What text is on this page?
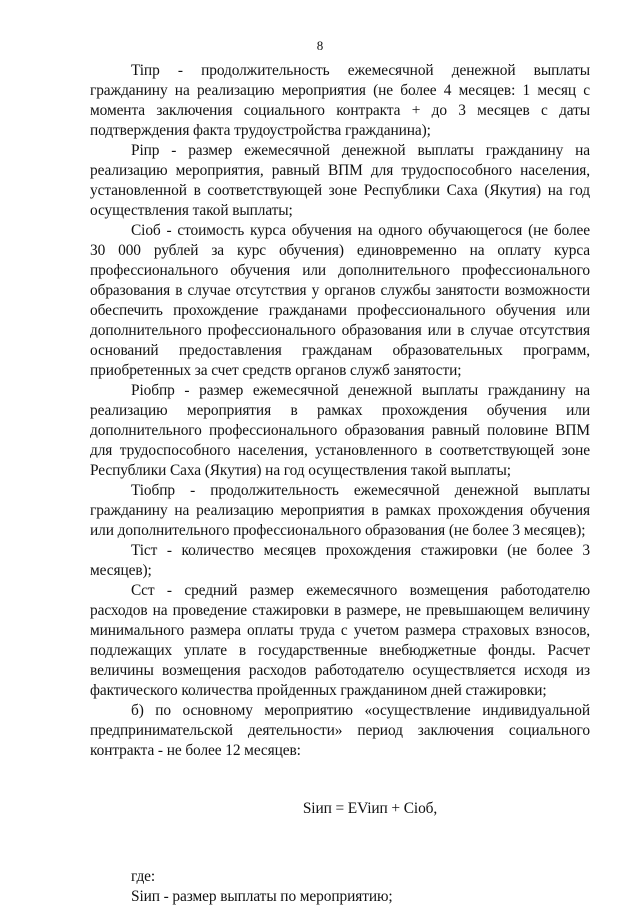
8

Tiпр - продолжительность ежемесячной денежной выплаты гражданину на реализацию мероприятия (не более 4 месяцев: 1 месяц с момента заключения социального контракта + до 3 месяцев с даты подтверждения факта трудоустройства гражданина);

Piпр - размер ежемесячной денежной выплаты гражданину на реализацию мероприятия, равный ВПМ для трудоспособного населения, установленной в соответствующей зоне Республики Саха (Якутия) на год осуществления такой выплаты;

Ciоб - стоимость курса обучения на одного обучающегося (не более 30 000 рублей за курс обучения) единовременно на оплату курса профессионального обучения или дополнительного профессионального образования в случае отсутствия у органов службы занятости возможности обеспечить прохождение гражданами профессионального обучения или дополнительного профессионального образования или в случае отсутствия оснований предоставления гражданам образовательных программ, приобретенных за счет средств органов служб занятости;

Piобпр - размер ежемесячной денежной выплаты гражданину на реализацию мероприятия в рамках прохождения обучения или дополнительного профессионального образования равный половине ВПМ для трудоспособного населения, установленного в соответствующей зоне Республики Саха (Якутия) на год осуществления такой выплаты;

Tiобпр - продолжительность ежемесячной денежной выплаты гражданину на реализацию мероприятия в рамках прохождения обучения или дополнительного профессионального образования (не более 3 месяцев);

Tiст - количество месяцев прохождения стажировки (не более 3 месяцев);

Cст - средний размер ежемесячного возмещения работодателю расходов на проведение стажировки в размере, не превышающем величину минимального размера оплаты труда с учетом размера страховых взносов, подлежащих уплате в государственные внебюджетные фонды. Расчет величины возмещения расходов работодателю осуществляется исходя из фактического количества пройденных гражданином дней стажировки;

б) по основному мероприятию «осуществление индивидуальной предпринимательской деятельности» период заключения социального контракта - не более 12 месяцев:

Siип = ΕViип + Ciоб,

где:

Siип - размер выплаты по мероприятию;
